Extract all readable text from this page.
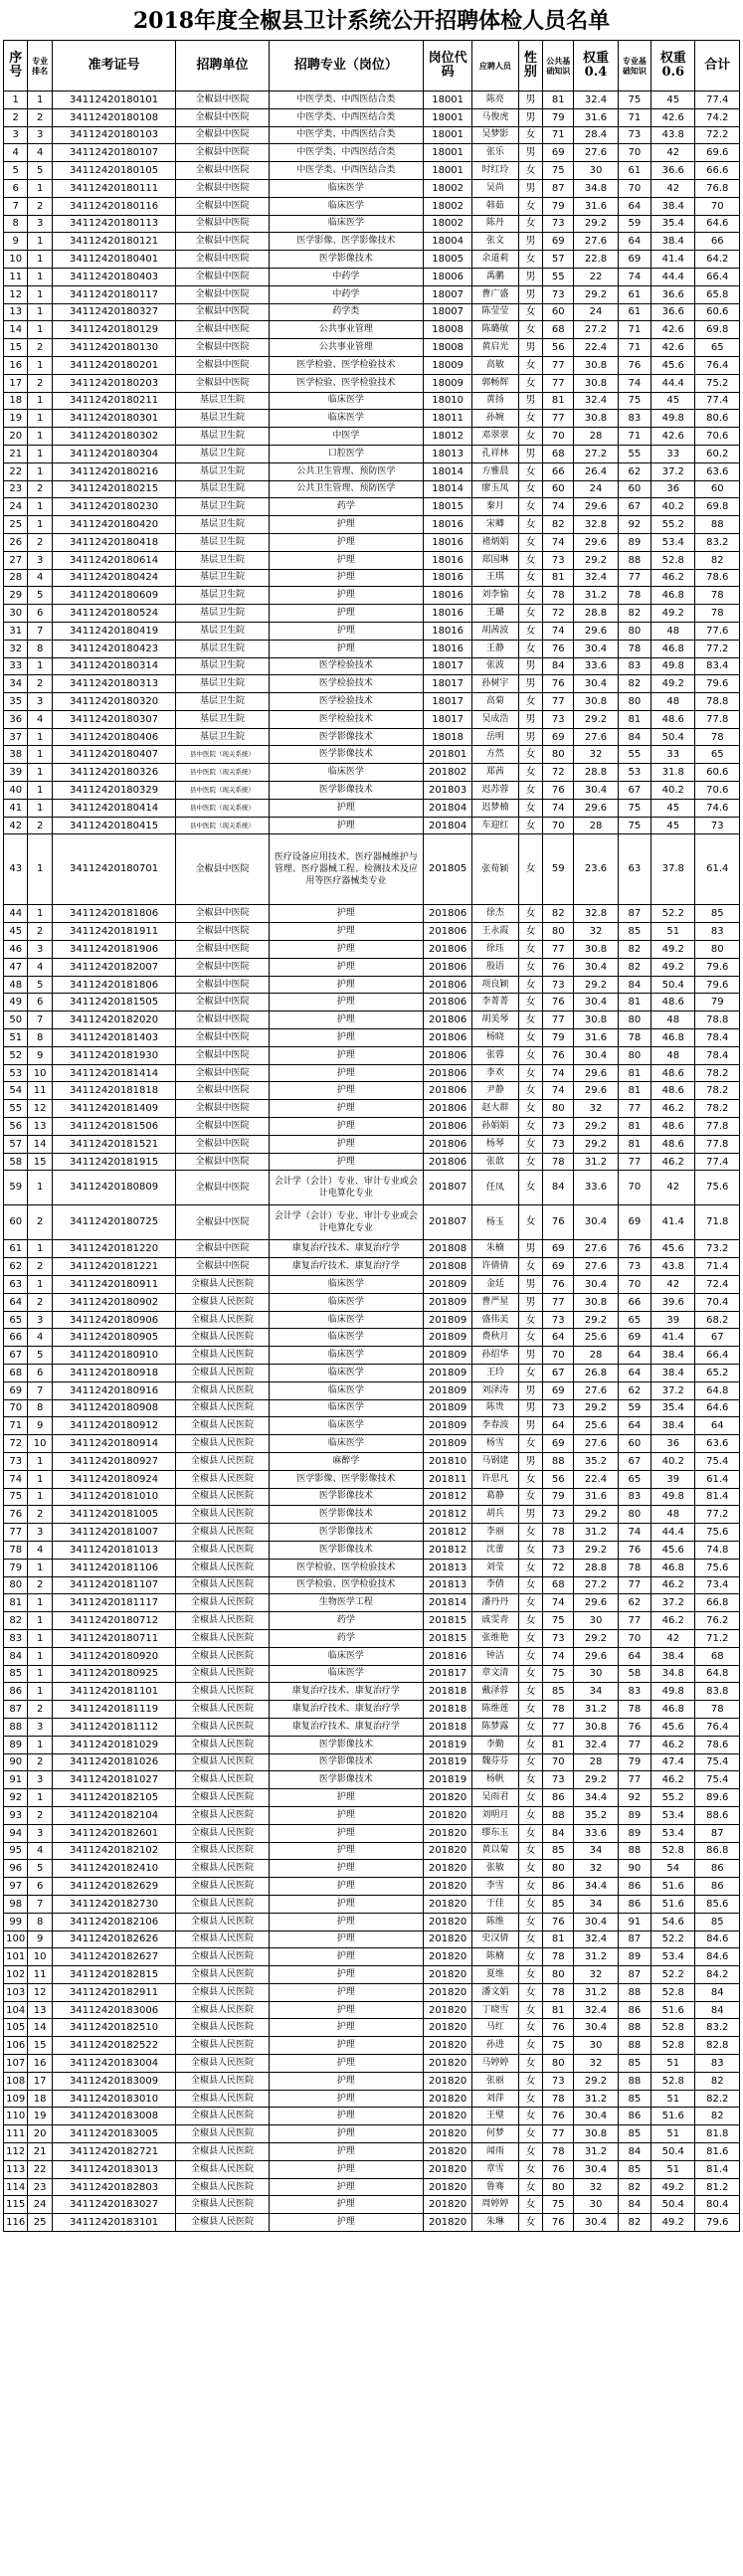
2018年度全椒县卫计系统公开招聘体检人员名单
序号	专业排名	准考证号	招聘单位	招聘专业（岗位）	岗位代码	应聘人员	性别	公共基础知识	权重0.4	专业基础知识	权重0.6	合计
1	1	34112420180101	全椒县中医院	中医学类、中西医结合类	18001	陈亮	男	81	32.4	75	45	77.4
2	2	34112420180108	全椒县中医院	中医学类、中西医结合类	18001	马俊虎	男	79	31.6	71	42.6	74.2
3	3	34112420180103	全椒县中医院	中医学类、中西医结合类	18001	吴梦影	女	71	28.4	73	43.8	72.2
4	4	34112420180107	全椒县中医院	中医学类、中西医结合类	18001	张乐	男	69	27.6	70	42	69.6
5	5	34112420180105	全椒县中医院	中医学类、中西医结合类	18001	时红玲	女	75	30	61	36.6	66.6
6	1	34112420180111	全椒县中医院	临床医学	18002	吴尚	男	87	34.8	70	42	76.8
7	2	34112420180116	全椒县中医院	临床医学	18002	韩茹	女	79	31.6	64	38.4	70
8	3	34112420180113	全椒县中医院	临床医学	18002	陈丹	女	73	29.2	59	35.4	64.6
9	1	34112420180121	全椒县中医院	医学影像、医学影像技术	18004	张文	男	69	27.6	64	38.4	66
10	1	34112420180401	全椒县中医院	医学影像技术	18005	余道莉	女	57	22.8	69	41.4	64.2
11	1	34112420180403	全椒县中医院	中药学	18006	禹鹏	男	55	22	74	44.4	66.4
12	1	34112420180117	全椒县中医院	中药学	18007	曹广盛	男	73	29.2	61	36.6	65.8
13	1	34112420180327	全椒县中医院	药学类	18007	陈莹莹	女	60	24	61	36.6	60.6
14	1	34112420180129	全椒县中医院	公共事业管理	18008	陈璐敏	女	68	27.2	71	42.6	69.8
15	2	34112420180130	全椒县中医院	公共事业管理	18008	黄启光	男	56	22.4	71	42.6	65
16	1	34112420180201	全椒县中医院	医学检验、医学检验技术	18009	高敏	女	77	30.8	76	45.6	76.4
17	2	34112420180203	全椒县中医院	医学检验、医学检验技术	18009	郭畅辉	女	77	30.8	74	44.4	75.2
18	1	34112420180211	基层卫生院	临床医学	18010	黄扬	男	81	32.4	75	45	77.4
19	1	34112420180301	基层卫生院	临床医学	18011	孙婉	女	77	30.8	83	49.8	80.6
20	1	34112420180302	基层卫生院	中医学	18012	邓翠翠	女	70	28	71	42.6	70.6
21	1	34112420180304	基层卫生院	口腔医学	18013	孔祥林	男	68	27.2	55	33	60.2
22	1	34112420180216	基层卫生院	公共卫生管理、预防医学	18014	方雅晨	女	66	26.4	62	37.2	63.6
23	2	34112420180215	基层卫生院	公共卫生管理、预防医学	18014	廖玉凤	女	60	24	60	36	60
24	1	34112420180230	基层卫生院	药学	18015	秦月	女	74	29.6	67	40.2	69.8
25	1	34112420180420	基层卫生院	护理	18016	宋卿	女	82	32.8	92	55.2	88
26	2	34112420180418	基层卫生院	护理	18016	褚炳娟	女	74	29.6	89	53.4	83.2
27	3	34112420180614	基层卫生院	护理	18016	郑国琳	女	73	29.2	88	52.8	82
28	4	34112420180424	基层卫生院	护理	18016	王琪	女	81	32.4	77	46.2	78.6
29	5	34112420180609	基层卫生院	护理	18016	刘李愉	女	78	31.2	78	46.8	78
30	6	34112420180524	基层卫生院	护理	18016	王璐	女	72	28.8	82	49.2	78
31	7	34112420180419	基层卫生院	护理	18016	胡茜波	女	74	29.6	80	48	77.6
32	8	34112420180423	基层卫生院	护理	18016	王静	女	76	30.4	78	46.8	77.2
33	1	34112420180314	基层卫生院	医学检验技术	18017	张波	男	84	33.6	83	49.8	83.4
34	2	34112420180313	基层卫生院	医学检验技术	18017	孙树宇	男	76	30.4	82	49.2	79.6
35	3	34112420180320	基层卫生院	医学检验技术	18017	高菊	女	77	30.8	80	48	78.8
36	4	34112420180307	基层卫生院	医学检验技术	18017	吴成浩	男	73	29.2	81	48.6	77.8
37	1	34112420180406	基层卫生院	医学影像技术	18018	岳明	男	69	27.6	84	50.4	78
38	1	34112420180407	县中医院（现关系统）	医学影像技术	201801	方然	女	80	32	55	33	65
39	1	34112420180326	县中医院（现关系统）	临床医学	201802	郑茜	女	72	28.8	53	31.8	60.6
40	1	34112420180329	县中医院（现关系统）	医学影像技术	201803	迟苏蓉	女	76	30.4	67	40.2	70.6
41	1	34112420180414	县中医院（现关系统）	护理	201804	迟梦楠	女	74	29.6	75	45	74.6
42	2	34112420180415	县中医院（现关系统）	护理	201804	车迎红	女	70	28	75	45	73
43	1	34112420180701	全椒县中医院	医疗设备应用技术、医疗器械维护与管理、医疗器械工程、检测技术及应用等医疗器械类专业	201805	张荀颖	女	59	23.6	63	37.8	61.4
44	1	34112420181806	全椒县中医院	护理	201806	徐杰	女	82	32.8	87	52.2	85
45	2	34112420181911	全椒县中医院	护理	201806	王永霞	女	80	32	85	51	83
46	3	34112420181906	全椒县中医院	护理	201806	徐珏	女	77	30.8	82	49.2	80
47	4	34112420182007	全椒县中医院	护理	201806	殷语	女	76	30.4	82	49.2	79.6
48	5	34112420181806	全椒县中医院	护理	201806	项良颖	女	73	29.2	84	50.4	79.6
49	6	34112420181505	全椒县中医院	护理	201806	李菁菁	女	76	30.4	81	48.6	79
50	7	34112420182020	全椒县中医院	护理	201806	胡美琴	女	77	30.8	80	48	78.8
51	8	34112420181403	全椒县中医院	护理	201806	杨晓	女	79	31.6	78	46.8	78.4
52	9	34112420181930	全椒县中医院	护理	201806	张蓉	女	76	30.4	80	48	78.4
53	10	34112420181414	全椒县中医院	护理	201806	李欢	女	74	29.6	81	48.6	78.2
54	11	34112420181818	全椒县中医院	护理	201806	尹静	女	74	29.6	81	48.6	78.2
55	12	34112420181409	全椒县中医院	护理	201806	赵大群	女	80	32	77	46.2	78.2
56	13	34112420181506	全椒县中医院	护理	201806	孙娟娟	女	73	29.2	81	48.6	77.8
57	14	34112420181521	全椒县中医院	护理	201806	杨琴	女	73	29.2	81	48.6	77.8
58	15	34112420181915	全椒县中医院	护理	201806	张歆	女	78	31.2	77	46.2	77.4
59	1	34112420180809	全椒县中医院	会计学（会计）专业、审计专业或会计电算化专业	201807	任凤	女	84	33.6	70	42	75.6
60	2	34112420180725	全椒县中医院	会计学（会计）专业、审计专业或会计电算化专业	201807	杨玉	女	76	30.4	69	41.4	71.8
61	1	34112420181220	全椒县中医院	康复治疗技术、康复治疗学	201808	朱楠	男	69	27.6	76	45.6	73.2
62	2	34112420181221	全椒县中医院	康复治疗技术、康复治疗学	201808	许倩倩	女	69	27.6	73	43.8	71.4
63	1	34112420180911	全椒县人民医院	临床医学	201809	金廷	男	76	30.4	70	42	72.4
64	2	34112420180902	全椒县人民医院	临床医学	201809	曹严星	男	77	30.8	66	39.6	70.4
65	3	34112420180906	全椒县人民医院	临床医学	201809	盛伟美	女	73	29.2	65	39	68.2
66	4	34112420180905	全椒县人民医院	临床医学	201809	费秋月	女	64	25.6	69	41.4	67
67	5	34112420180910	全椒县人民医院	临床医学	201809	孙绍华	男	70	28	64	38.4	66.4
68	6	34112420180918	全椒县人民医院	临床医学	201809	王玲	女	67	26.8	64	38.4	65.2
69	7	34112420180916	全椒县人民医院	临床医学	201809	刘泽涛	男	69	27.6	62	37.2	64.8
70	8	34112420180908	全椒县人民医院	临床医学	201809	陈贵	男	73	29.2	59	35.4	64.6
71	9	34112420180912	全椒县人民医院	临床医学	201809	李春波	男	64	25.6	64	38.4	64
72	10	34112420180914	全椒县人民医院	临床医学	201809	杨雪	女	69	27.6	60	36	63.6
73	1	34112420180927	全椒县人民医院	麻醉学	201810	马钢建	男	88	35.2	67	40.2	75.4
74	1	34112420180924	全椒县人民医院	医学影像、医学影像技术	201811	许思凡	女	56	22.4	65	39	61.4
75	1	34112420181010	全椒县人民医院	医学影像技术	201812	葛静	女	79	31.6	83	49.8	81.4
76	2	34112420181005	全椒县人民医院	医学影像技术	201812	胡兵	男	73	29.2	80	48	77.2
77	3	34112420181007	全椒县人民医院	医学影像技术	201812	李丽	女	78	31.2	74	44.4	75.6
78	4	34112420181013	全椒县人民医院	医学影像技术	201812	沈蕾	女	73	29.2	76	45.6	74.8
79	1	34112420181106	全椒县人民医院	医学检验、医学检验技术	201813	刘莹	女	72	28.8	78	46.8	75.6
80	2	34112420181107	全椒县人民医院	医学检验、医学检验技术	201813	李倩	女	68	27.2	77	46.2	73.4
81	1	34112420181117	全椒县人民医院	生物医学工程	201814	潘丹丹	女	74	29.6	62	37.2	66.8
82	1	34112420180712	全椒县人民医院	药学	201815	戚雯青	女	75	30	77	46.2	76.2
83	1	34112420180711	全椒县人民医院	药学	201815	张维艳	女	73	29.2	70	42	71.2
84	1	34112420180920	全椒县人民医院	临床医学	201816	钟洁	女	74	29.6	64	38.4	68
85	1	34112420180925	全椒县人民医院	临床医学	201817	章文清	女	75	30	58	34.8	64.8
86	1	34112420181101	全椒县人民医院	康复治疗技术、康复治疗学	201818	戴泽蓉	女	85	34	83	49.8	83.8
87	2	34112420181119	全椒县人民医院	康复治疗技术、康复治疗学	201818	陈维莲	女	78	31.2	78	46.8	78
88	3	34112420181112	全椒县人民医院	康复治疗技术、康复治疗学	201818	陈梦露	女	77	30.8	76	45.6	76.4
89	1	34112420181029	全椒县人民医院	医学影像技术	201819	李勤	女	81	32.4	77	46.2	78.6
90	2	34112420181026	全椒县人民医院	医学影像技术	201819	魏芬芬	女	70	28	79	47.4	75.4
91	3	34112420181027	全椒县人民医院	医学影像技术	201819	杨帆	女	73	29.2	77	46.2	75.4
92	1	34112420182105	全椒县人民医院	护理	201820	吴雨君	女	86	34.4	92	55.2	89.6
93	2	34112420182104	全椒县人民医院	护理	201820	刘明月	女	88	35.2	89	53.4	88.6
94	3	34112420182601	全椒县人民医院	护理	201820	缪东玉	女	84	33.6	89	53.4	87
95	4	34112420182102	全椒县人民医院	护理	201820	黄以菊	女	85	34	88	52.8	86.8
96	5	34112420182410	全椒县人民医院	护理	201820	张敏	女	80	32	90	54	86
97	6	34112420182629	全椒县人民医院	护理	201820	李雪	女	86	34.4	86	51.6	86
98	7	34112420182730	全椒县人民医院	护理	201820	于佳	女	85	34	86	51.6	85.6
99	8	34112420182106	全椒县人民医院	护理	201820	陈维	女	76	30.4	91	54.6	85
100	9	34112420182626	全椒县人民医院	护理	201820	史汉倩	女	81	32.4	87	52.2	84.6
101	10	34112420182627	全椒县人民医院	护理	201820	陈楠	女	78	31.2	89	53.4	84.6
102	11	34112420182815	全椒县人民医院	护理	201820	夏维	女	80	32	87	52.2	84.2
103	12	34112420182911	全椒县人民医院	护理	201820	潘文娟	女	78	31.2	88	52.8	84
104	13	34112420183006	全椒县人民医院	护理	201820	丁晓雪	女	81	32.4	86	51.6	84
105	14	34112420182510	全椒县人民医院	护理	201820	马红	女	76	30.4	88	52.8	83.2
106	15	34112420182522	全椒县人民医院	护理	201820	孙进	女	75	30	88	52.8	82.8
107	16	34112420183004	全椒县人民医院	护理	201820	马婷婷	女	80	32	85	51	83
108	17	34112420183009	全椒县人民医院	护理	201820	张丽	女	73	29.2	88	52.8	82
109	18	34112420183010	全椒县人民医院	护理	201820	刘萍	女	78	31.2	85	51	82.2
110	19	34112420183008	全椒县人民医院	护理	201820	王璧	女	76	30.4	86	51.6	82
111	20	34112420183005	全椒县人民医院	护理	201820	何梦	女	77	30.8	85	51	81.8
112	21	34112420182721	全椒县人民医院	护理	201820	闻雨	女	78	31.2	84	50.4	81.6
113	22	34112420183013	全椒县人民医院	护理	201820	章雪	女	76	30.4	85	51	81.4
114	23	34112420182803	全椒县人民医院	护理	201820	鲁骞	女	80	32	82	49.2	81.2
115	24	34112420183027	全椒县人民医院	护理	201820	周婷婷	女	75	30	84	50.4	80.4
116	25	34112420183101	全椒县人民医院	护理	201820	朱琳	女	76	30.4	82	49.2	79.6
